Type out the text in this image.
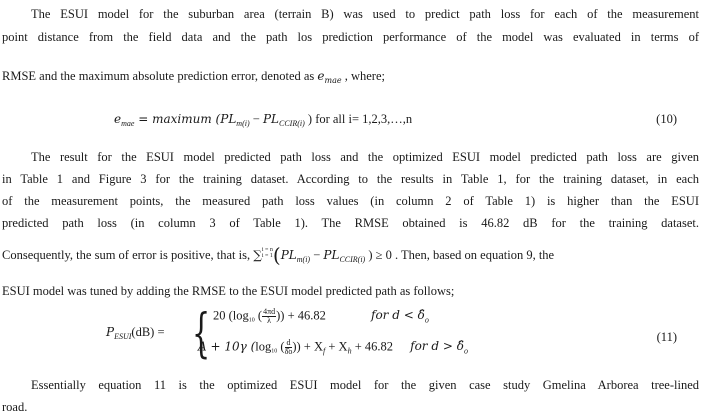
The ESUI model for the suburban area (terrain B) was used to predict path loss for each of the measurement
point distance from the field data and the path los prediction performance of the model was evaluated in terms of
RMSE and the maximum absolute prediction error, denoted as $e_{mae}$ , where;
$e_{mae}$ = maximum ($PL_{m(i)} - PL_{CCIR(i)}$ ) for all i= 1,2,3,…,n	(10)
The result for the ESUI model predicted path loss and the optimized ESUI model predicted path loss are given
in Table 1 and Figure 3 for the training dataset. According to the results in Table 1, for the training dataset, in each
of the measurement points, the measured path loss values (in column 2 of Table 1) is higher than the ESUI
predicted path loss (in column 3 of Table 1). The RMSE obtained is 46.82 dB for the training dataset.
Consequently, the sum of error is positive, that is, ∑i = n
$i = 1(PL_{m(i)} - PL_{CCIR(i)}$ ) ≥ 0 . Then, based on equation 9, the
ESUI model was tuned by adding the RMSE to the ESUI model predicted path as follows;
$P_{ESUI}(dB)$ = { 20 (log10 ( $\frac{4\pi d}{\lambda}$ )) + 46.82	for $d < \deltâ_o$
A + 10γ (log10 ( $\frac{d}{\deltâo}$ )) + $X_f + X_h + 46.82$ for $d > \deltâ_o$
(11)
Essentially equation 11 is the optimized ESUI model for the given case study Gmelina Arborea tree-lined
road.
